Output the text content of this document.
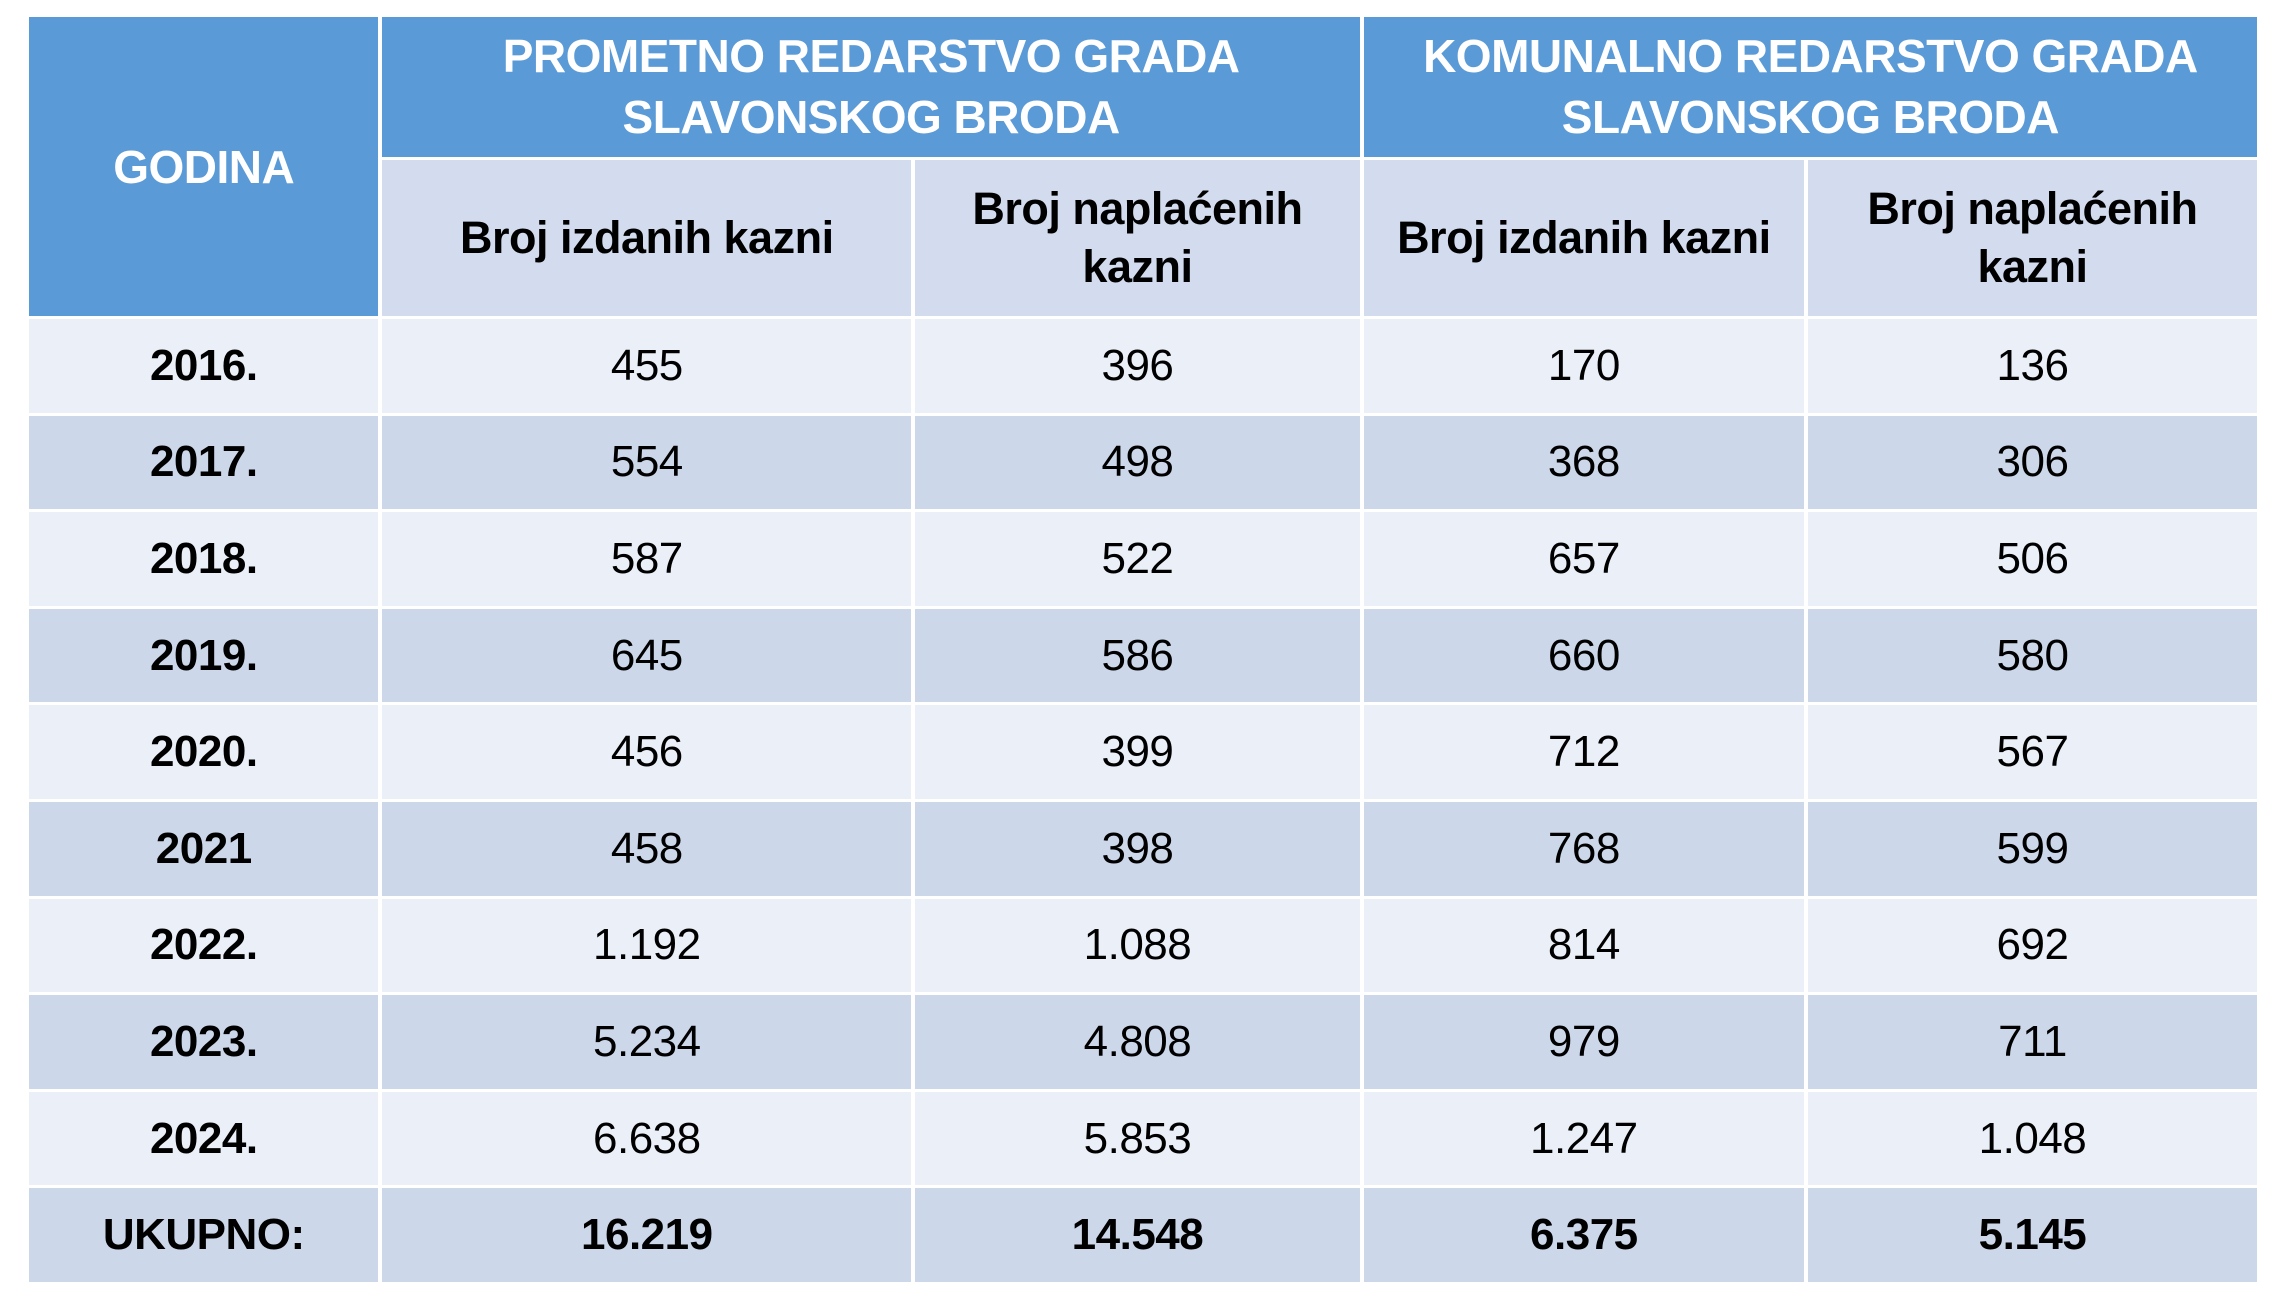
GODINA	PROMETNO REDARSTVO GRADA SLAVONSKOG BRODA		KOMUNALNO REDARSTVO GRADA SLAVONSKOG BRODA	
	Broj izdanih kazni	Broj naplaćenih kazni	Broj izdanih kazni	Broj naplaćenih kazni
2016.	455	396	170	136
2017.	554	498	368	306
2018.	587	522	657	506
2019.	645	586	660	580
2020.	456	399	712	567
2021	458	398	768	599
2022.	1.192	1.088	814	692
2023.	5.234	4.808	979	711
2024.	6.638	5.853	1.247	1.048
UKUPNO:	16.219	14.548	6.375	5.145
